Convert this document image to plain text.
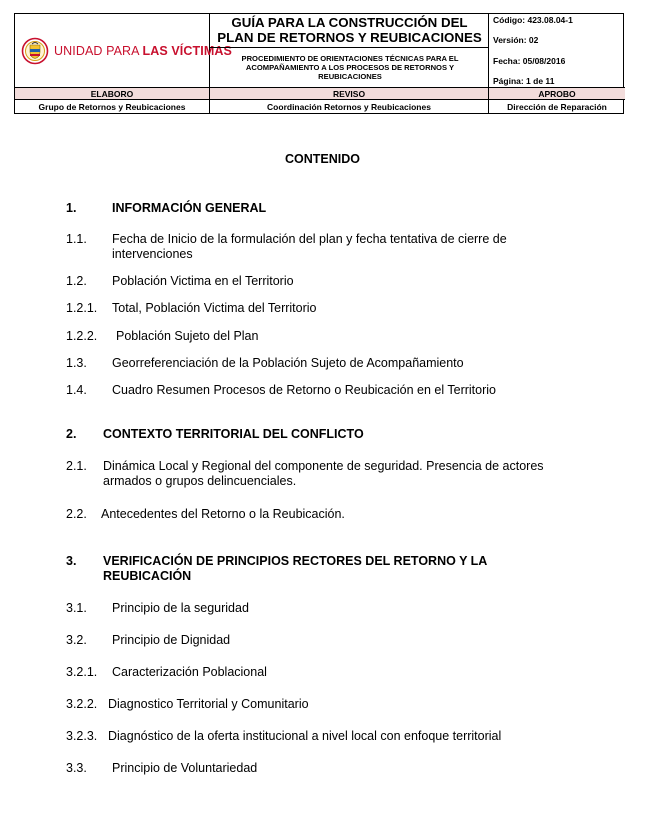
UNIDAD PARA LAS VÍCTIMAS
GUÍA PARA LA CONSTRUCCIÓN DEL
PLAN DE RETORNOS Y REUBICACIONES
PROCEDIMIENTO DE ORIENTACIONES TÉCNICAS PARA EL
ACOMPAÑAMIENTO A LOS PROCESOS DE RETORNOS Y
REUBICACIONES
Código: 423.08.04-1
Versión: 02
Fecha: 05/08/2016
Página: 1 de 11
ELABORO	REVISO	APROBO
Grupo de Retornos y Reubicaciones	Coordinación Retornos y Reubicaciones	Dirección de Reparación
CONTENIDO
1.	INFORMACIÓN GENERAL
1.1. Fecha de Inicio de la formulación del plan y fecha tentativa de cierre de
intervenciones
1.2. Población Victima en el Territorio
1.2.1. Total, Población Victima del Territorio
1.2.2. Población Sujeto del Plan
1.3. Georreferenciación de la Población Sujeto de Acompañamiento
1.4. Cuadro Resumen Procesos de Retorno o Reubicación en el Territorio
2. CONTEXTO TERRITORIAL DEL CONFLICTO
2.1. Dinámica Local y Regional del componente de seguridad. Presencia de actores
armados o grupos delincuenciales.
2.2. Antecedentes del Retorno o la Reubicación.
3. VERIFICACIÓN DE PRINCIPIOS RECTORES DEL RETORNO Y LA
REUBICACIÓN
3.1. Principio de la seguridad
3.2. Principio de Dignidad
3.2.1. Caracterización Poblacional
3.2.2. Diagnostico Territorial y Comunitario
3.2.3. Diagnóstico de la oferta institucional a nivel local con enfoque territorial
3.3. Principio de Voluntariedad
